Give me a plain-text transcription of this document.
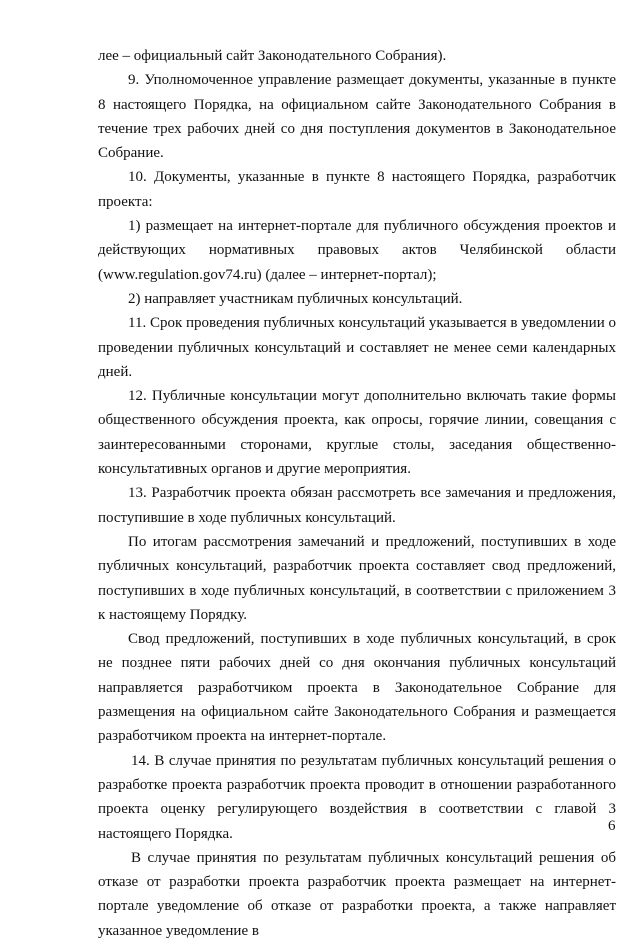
лее – официальный сайт Законодательного Собрания).

9. Уполномоченное управление размещает документы, указанные в пункте 8 настоящего Порядка, на официальном сайте Законодательного Собрания в течение трех рабочих дней со дня поступления документов в Законодательное Собрание.

10. Документы, указанные в пункте 8 настоящего Порядка, разработчик проекта:

1) размещает на интернет-портале для публичного обсуждения проектов и действующих нормативных правовых актов Челябинской области

(www.regulation.gov74.ru) (далее – интернет-портал);

2) направляет участникам публичных консультаций.

11. Срок проведения публичных консультаций указывается в уведомлении о проведении публичных консультаций и составляет не менее семи календарных дней.

12. Публичные консультации могут дополнительно включать такие формы общественного обсуждения проекта, как опросы, горячие линии, совещания с заинтересованными сторонами, круглые столы, заседания общественно-консультативных органов и другие мероприятия.

13. Разработчик проекта обязан рассмотреть все замечания и предложения, поступившие в ходе публичных консультаций.

По итогам рассмотрения замечаний и предложений, поступивших в ходе публичных консультаций, разработчик проекта составляет свод предложений, поступивших в ходе публичных консультаций, в соответствии с приложением 3 к настоящему Порядку.

Свод предложений, поступивших в ходе публичных консультаций, в срок не позднее пяти рабочих дней со дня окончания публичных консультаций направляется разработчиком проекта в Законодательное Собрание для размещения на официальном сайте Законодательного Собрания и размещается разработчиком проекта на интернет-портале.

14. В случае принятия по результатам публичных консультаций решения о разработке проекта разработчик проекта проводит в отношении разработанного проекта оценку регулирующего воздействия в соответствии с главой 3 настоящего Порядка.

В случае принятия по результатам публичных консультаций решения об отказе от разработки проекта разработчик проекта размещает на интернет-портале уведомление об отказе от разработки проекта, а также направляет указанное уведомление в

6
